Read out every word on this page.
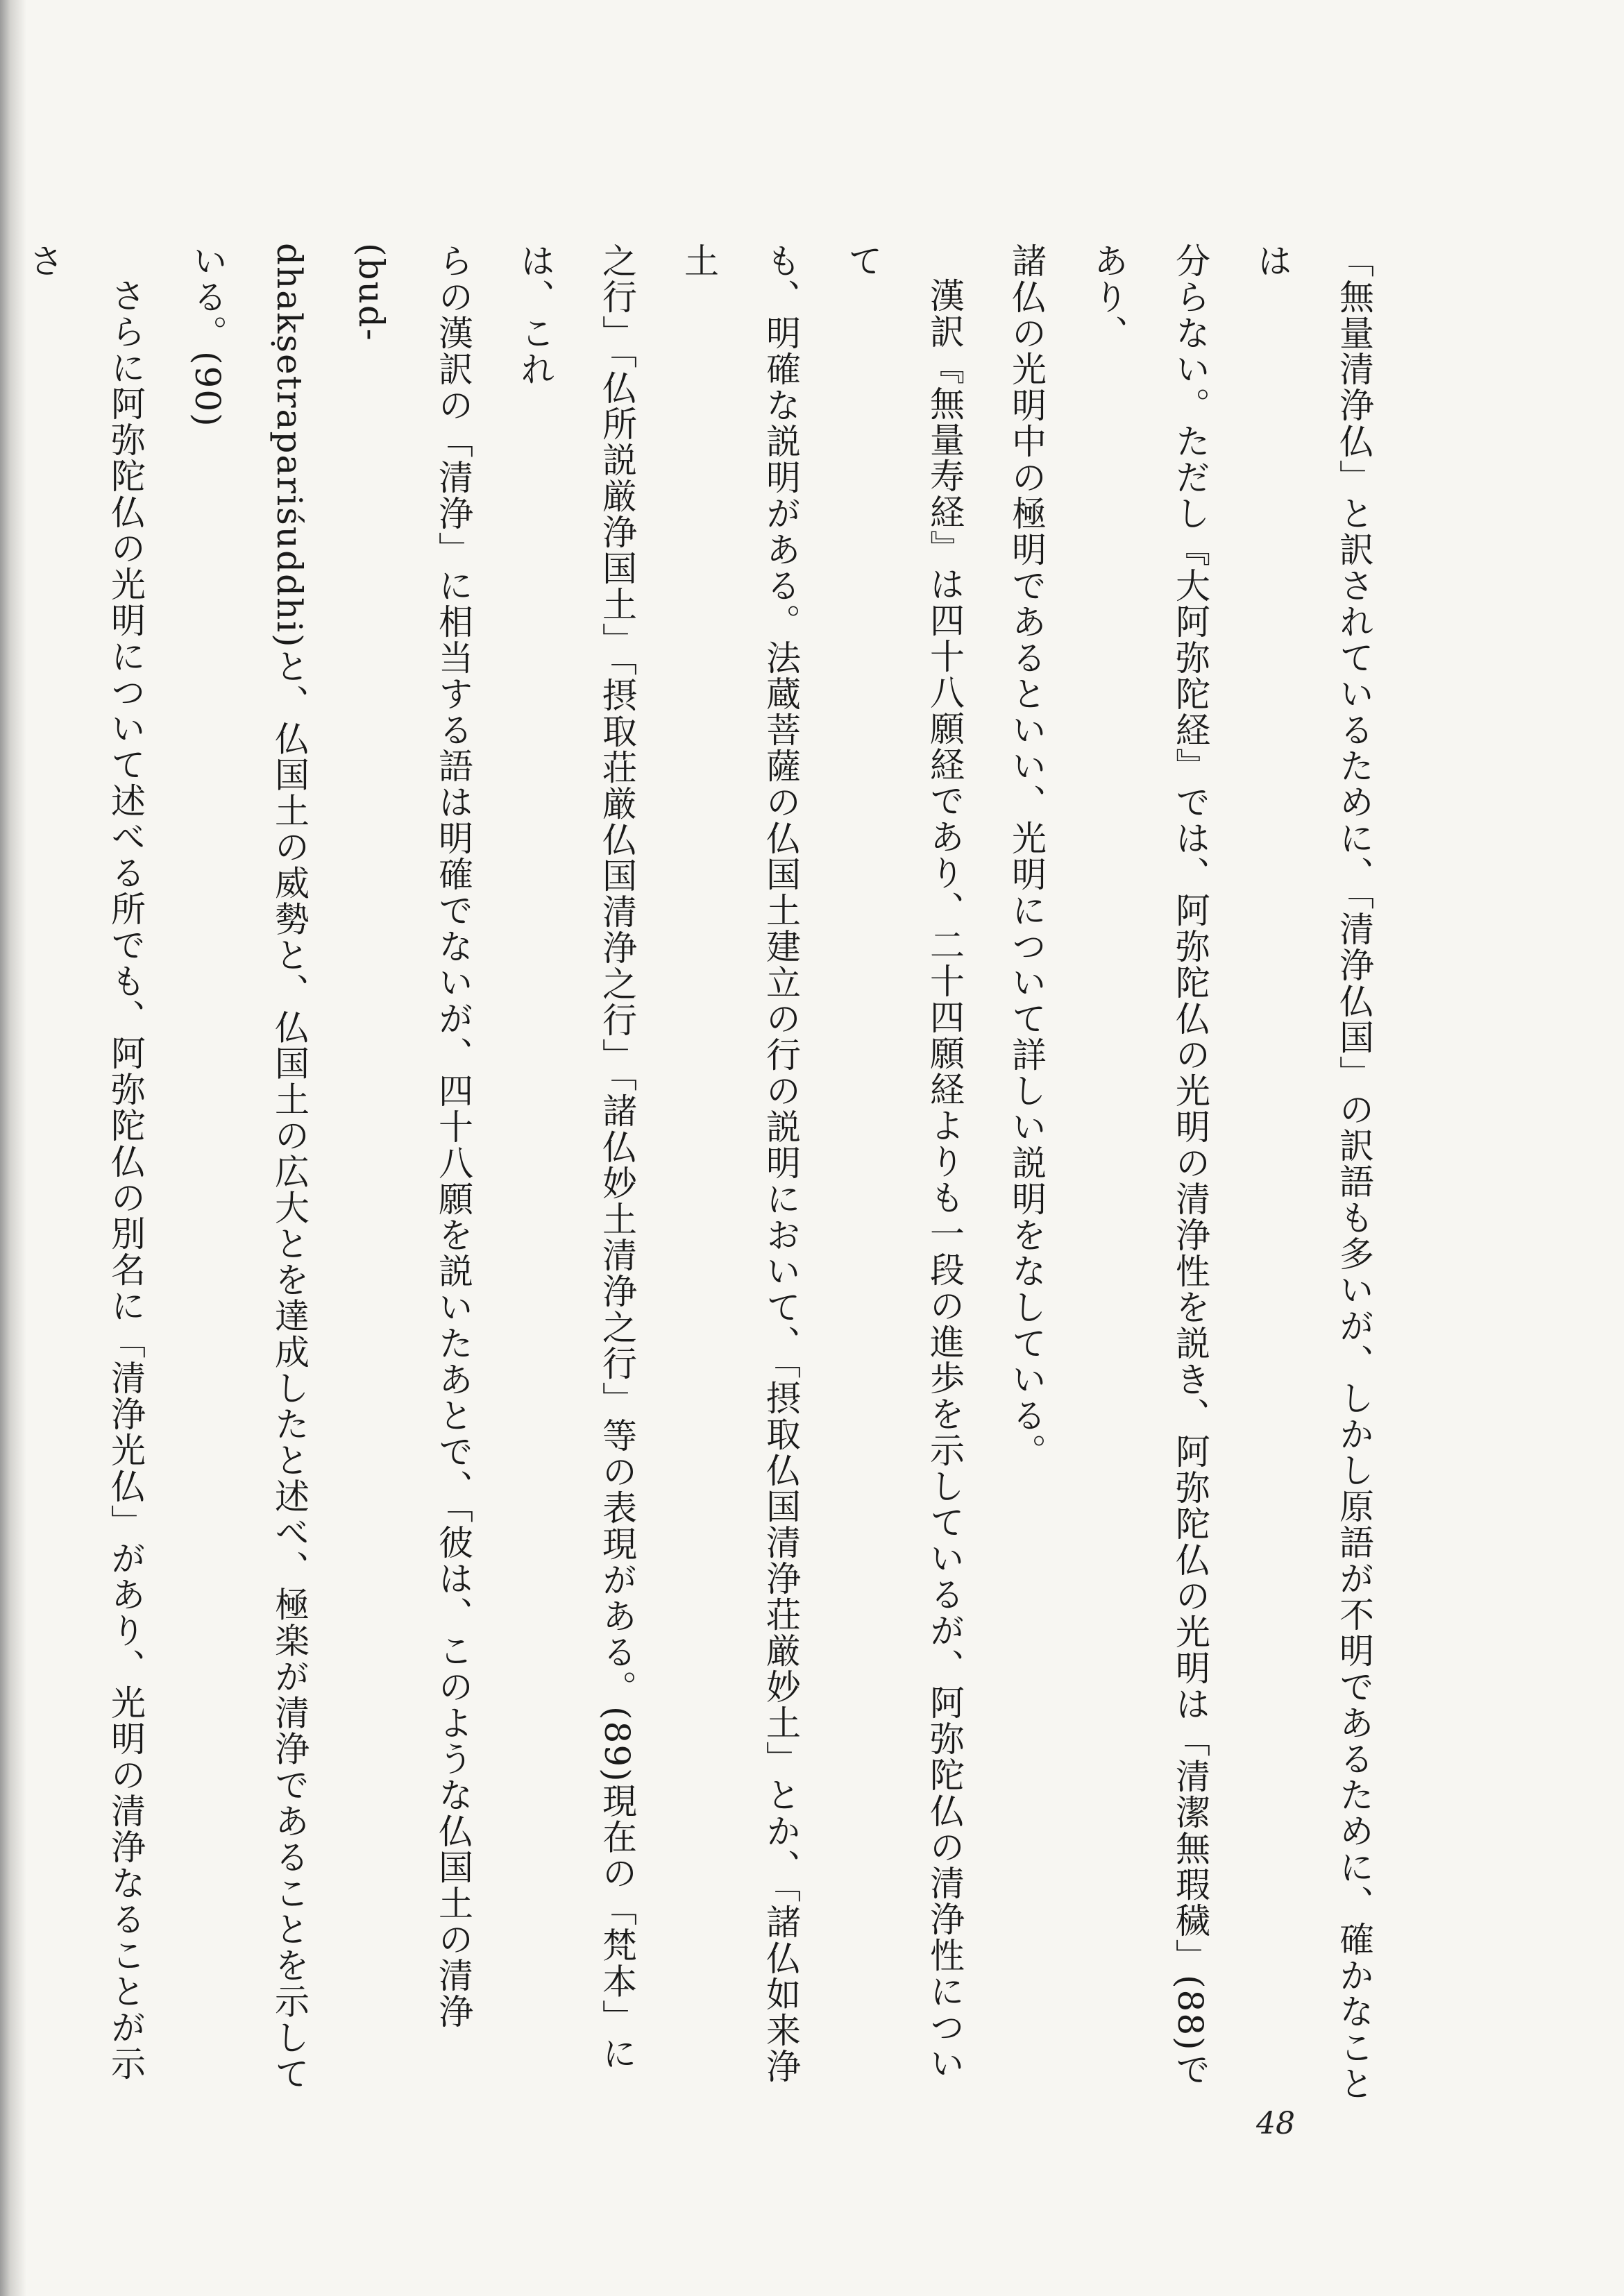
「無量清浄仏」と訳されているために、「清浄仏国」の訳語も多いが、しかし原語が不明であるために、確かなことは

分らない。ただし『大阿弥陀経』では、阿弥陀仏の光明の清浄性を説き、阿弥陀仏の光明は「清潔無瑕穢」(88)であり、

諸仏の光明中の極明であるといい、光明について詳しい説明をなしている。

漢訳『無量寿経』は四十八願経であり、二十四願経よりも一段の進歩を示しているが、阿弥陀仏の清浄性について

も、明確な説明がある。法蔵菩薩の仏国土建立の行の説明において、「摂取仏国清浄荘厳妙土」とか、「諸仏如来浄土

之行」「仏所説厳浄国土」「摂取荘厳仏国清浄之行」「諸仏妙土清浄之行」等の表現がある。(89)現在の「梵本」には、これ

らの漢訳の「清浄」に相当する語は明確でないが、四十八願を説いたあとで、「彼は、このような仏国土の清浄(bud-

dhakṣetrapariśuddhi)と、仏国土の威勢と、仏国土の広大とを達成したと述べ、極楽が清浄であることを示している。(90)

さらに阿弥陀仏の光明について述べる所でも、阿弥陀仏の別名に「清浄光仏」があり、光明の清浄なることが示さ

48
